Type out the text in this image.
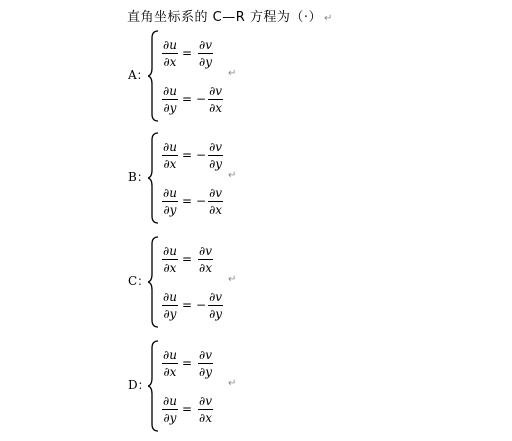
直角坐标系的 C—R 方程为（·） ↵
A：
$\frac{\partial u}{\partial x} = \frac{\partial v}{\partial y}$
$\frac{\partial u}{\partial y}$ = − $\frac{\partial v}{\partial x}$
↵
B：
$\frac{\partial u}{\partial x}$ = − $\frac{\partial v}{\partial y}$
$\frac{\partial u}{\partial y}$ = − $\frac{\partial v}{\partial x}$
↵
C：
$\frac{\partial u}{\partial x} = \frac{\partial v}{\partial x}$
$\frac{\partial u}{\partial y}$ = − $\frac{\partial v}{\partial y}$
↵
D：
$\frac{\partial u}{\partial x} = \frac{\partial v}{\partial y}$
$\frac{\partial u}{\partial y} = \frac{\partial v}{\partial x}$
↵
